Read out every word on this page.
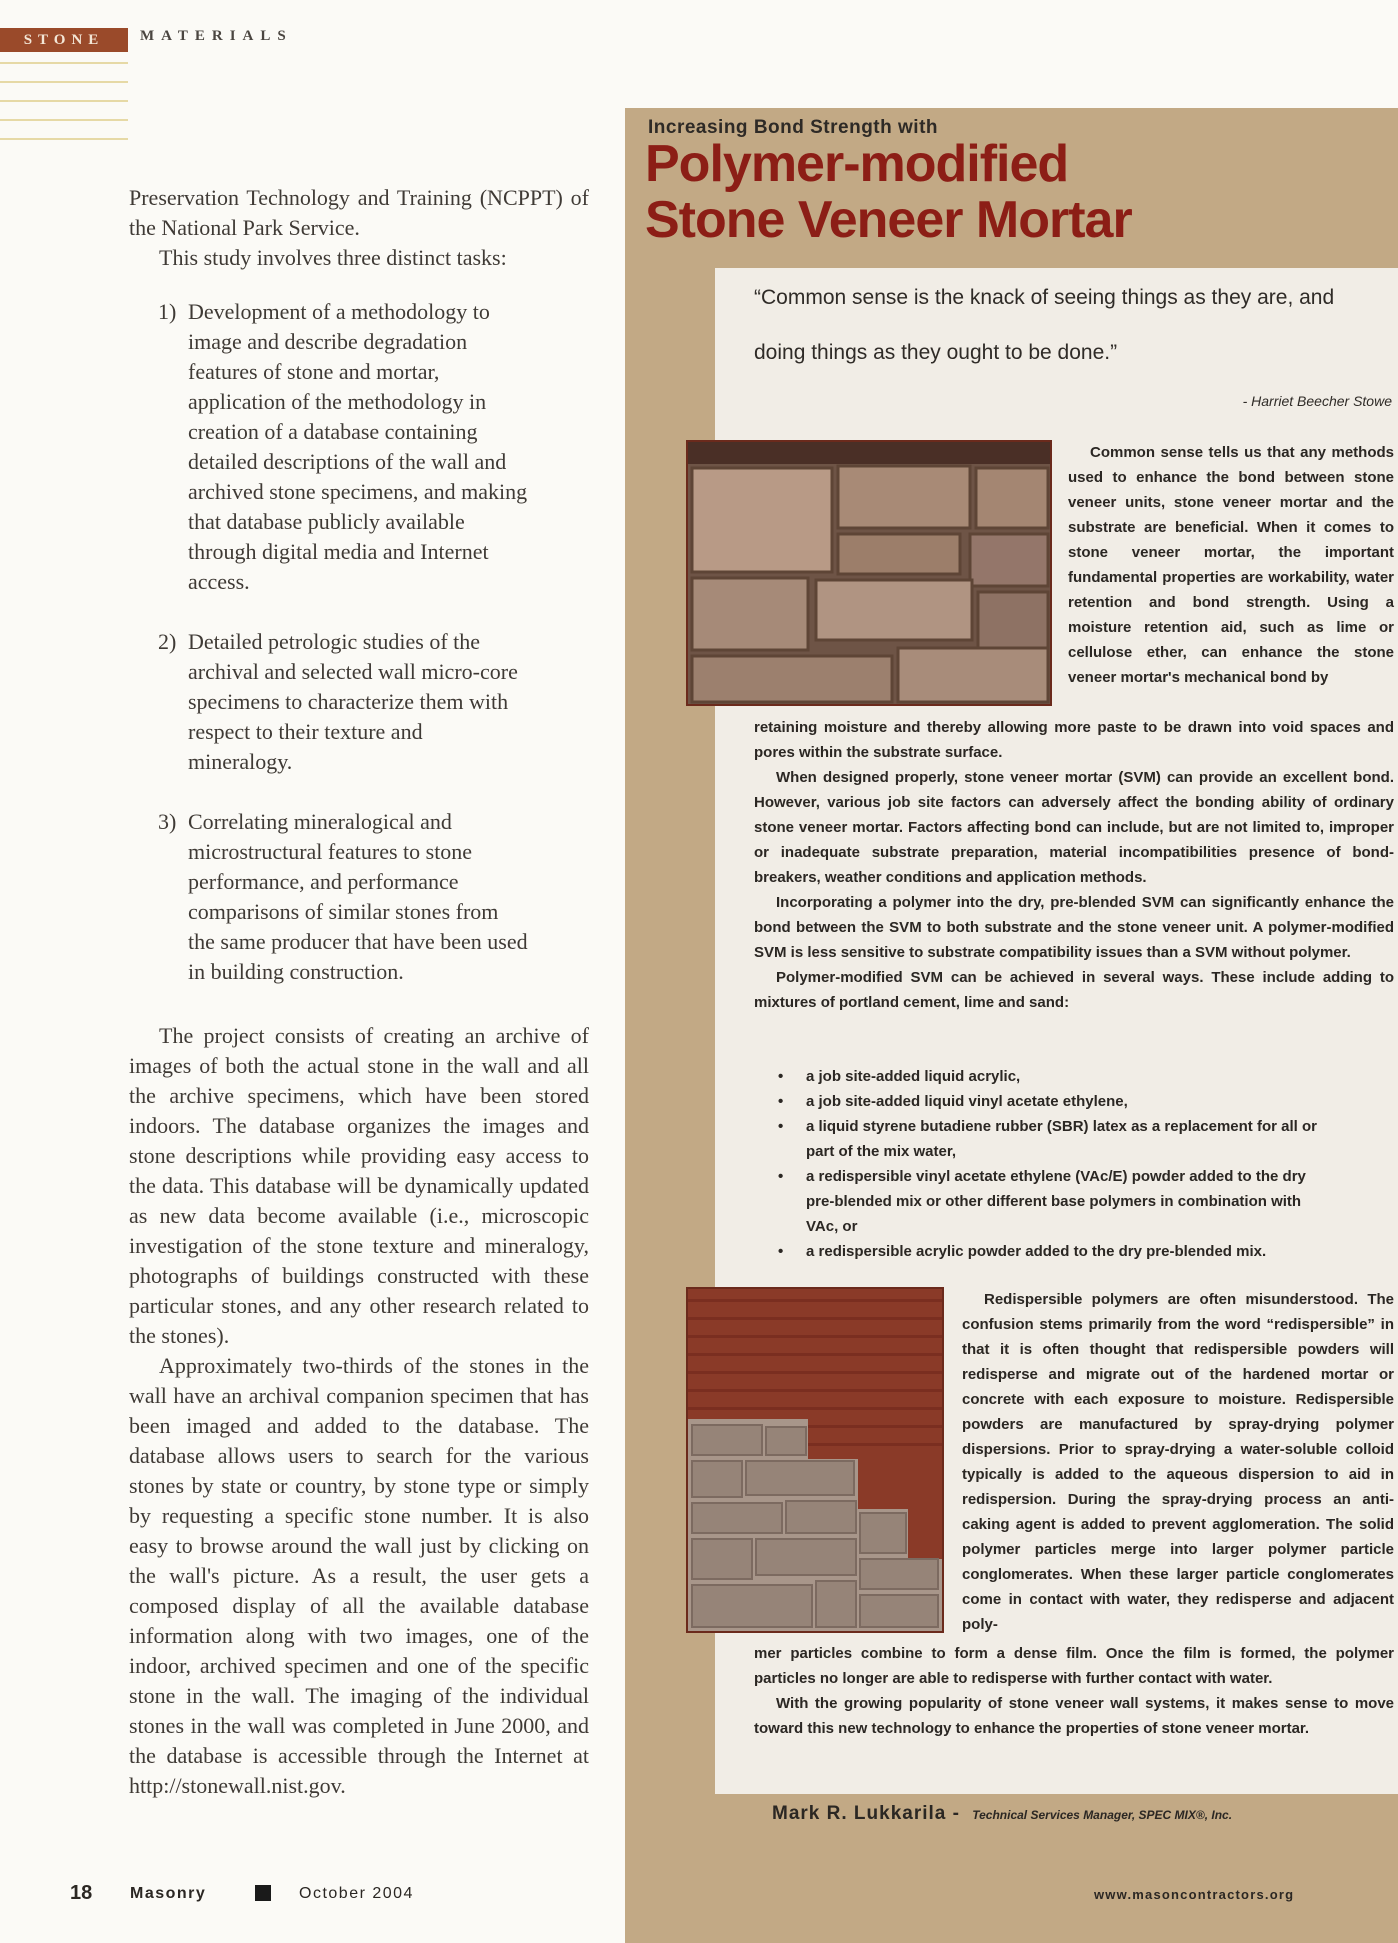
STONE	MATERIALS

Preservation Technology and Training (NCPPT) of the National Park Service.

This study involves three distinct tasks:

1) Development of a methodology to image and describe degradation features of stone and mortar, application of the methodology in creation of a database containing detailed descriptions of the wall and archived stone specimens, and making that database publicly available through digital media and Internet access.
2) Detailed petrologic studies of the archival and selected wall micro-core specimens to characterize them with respect to their texture and mineralogy.
3) Correlating mineralogical and microstructural features to stone performance, and performance comparisons of similar stones from the same producer that have been used in building construction.

The project consists of creating an archive of images of both the actual stone in the wall and all the archive specimens, which have been stored indoors. The database organizes the images and stone descriptions while providing easy access to the data. This database will be dynamically updated as new data become available (i.e., microscopic investigation of the stone texture and mineralogy, photographs of buildings constructed with these particular stones, and any other research related to the stones).

Approximately two-thirds of the stones in the wall have an archival companion specimen that has been imaged and added to the database. The database allows users to search for the various stones by state or country, by stone type or simply by requesting a specific stone number. It is also easy to browse around the wall just by clicking on the wall's picture. As a result, the user gets a composed display of all the available database information along with two images, one of the indoor, archived specimen and one of the specific stone in the wall. The imaging of the individual stones in the wall was completed in June 2000, and the database is accessible through the Internet at http://stonewall.nist.gov.

Increasing Bond Strength with
Polymer-modified
Stone Veneer Mortar
“Common sense is the knack of seeing things as they are, and doing things as they ought to be done.”
- Harriet Beecher Stowe

Common sense tells us that any methods used to enhance the bond between stone veneer units, stone veneer mortar and the substrate are beneficial. When it comes to stone veneer mortar, the important fundamental properties are workability, water retention and bond strength. Using a moisture retention aid, such as lime or cellulose ether, can enhance the stone veneer mortar's mechanical bond by

retaining moisture and thereby allowing more paste to be drawn into void spaces and pores within the substrate surface.

When designed properly, stone veneer mortar (SVM) can provide an excellent bond. However, various job site factors can adversely affect the bonding ability of ordinary stone veneer mortar. Factors affecting bond can include, but are not limited to, improper or inadequate substrate preparation, material incompatibilities presence of bond-breakers, weather conditions and application methods.

Incorporating a polymer into the dry, pre-blended SVM can significantly enhance the bond between the SVM to both substrate and the stone veneer unit. A polymer-modified SVM is less sensitive to substrate compatibility issues than a SVM without polymer.

Polymer-modified SVM can be achieved in several ways. These include adding to mixtures of portland cement, lime and sand:

• a job site-added liquid acrylic,
• a job site-added liquid vinyl acetate ethylene,
• a liquid styrene butadiene rubber (SBR) latex as a replacement for all or part of the mix water,
• a redispersible vinyl acetate ethylene (VAc/E) powder added to the dry pre-blended mix or other different base polymers in combination with VAc, or
• a redispersible acrylic powder added to the dry pre-blended mix.

Redispersible polymers are often misunderstood. The confusion stems primarily from the word “redispersible” in that it is often thought that redispersible powders will redisperse and migrate out of the hardened mortar or concrete with each exposure to moisture. Redispersible powders are manufactured by spray-drying polymer dispersions. Prior to spray-drying a water-soluble colloid typically is added to the aqueous dispersion to aid in redispersion. During the spray-drying process an anti-caking agent is added to prevent agglomeration. The solid polymer particles merge into larger polymer particle conglomerates. When these larger particle conglomerates come in contact with water, they redisperse and adjacent poly-

mer particles combine to form a dense film. Once the film is formed, the polymer particles no longer are able to redisperse with further contact with water.

With the growing popularity of stone veneer wall systems, it makes sense to move toward this new technology to enhance the properties of stone veneer mortar.

Mark R. Lukkarila - Technical Services Manager, SPEC MIX®, Inc.
18 Masonry	October 2004	www.masoncontractors.org
